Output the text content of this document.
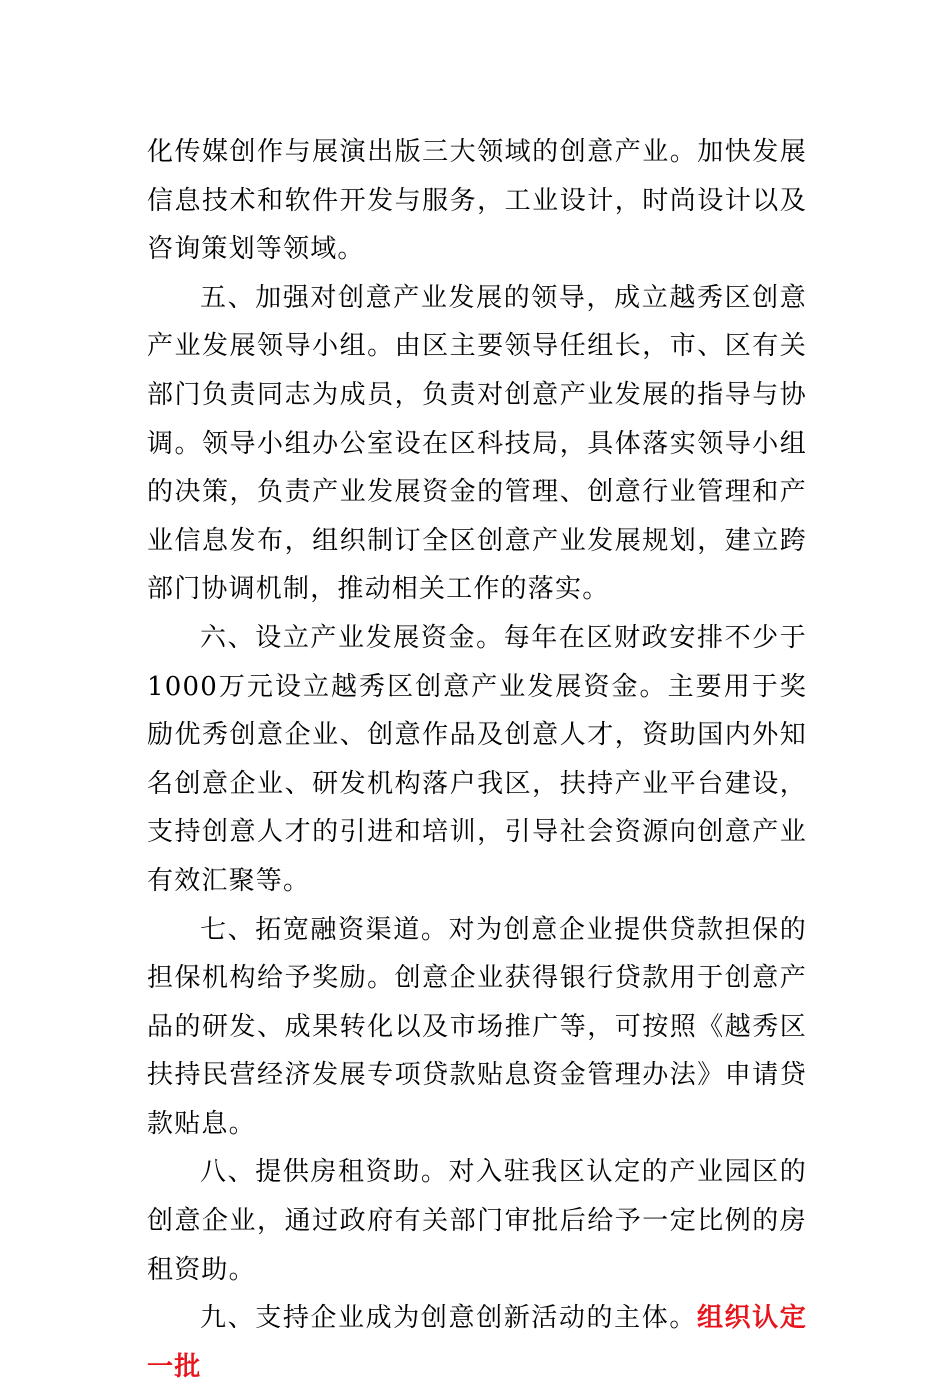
化传媒创作与展演出版三大领域的创意产业。加快发展信息技术和软件开发与服务，工业设计，时尚设计以及咨询策划等领域。

五、加强对创意产业发展的领导，成立越秀区创意产业发展领导小组。由区主要领导任组长，市、区有关部门负责同志为成员，负责对创意产业发展的指导与协调。领导小组办公室设在区科技局，具体落实领导小组的决策，负责产业发展资金的管理、创意行业管理和产业信息发布，组织制订全区创意产业发展规划，建立跨部门协调机制，推动相关工作的落实。

六、设立产业发展资金。每年在区财政安排不少于1000万元设立越秀区创意产业发展资金。主要用于奖励优秀创意企业、创意作品及创意人才，资助国内外知名创意企业、研发机构落户我区，扶持产业平台建设，支持创意人才的引进和培训，引导社会资源向创意产业有效汇聚等。

七、拓宽融资渠道。对为创意企业提供贷款担保的担保机构给予奖励。创意企业获得银行贷款用于创意产品的研发、成果转化以及市场推广等，可按照《越秀区扶持民营经济发展专项贷款贴息资金管理办法》申请贷款贴息。

八、提供房租资助。对入驻我区认定的产业园区的创意企业，通过政府有关部门审批后给予一定比例的房租资助。

九、支持企业成为创意创新活动的主体。组织认定一批
